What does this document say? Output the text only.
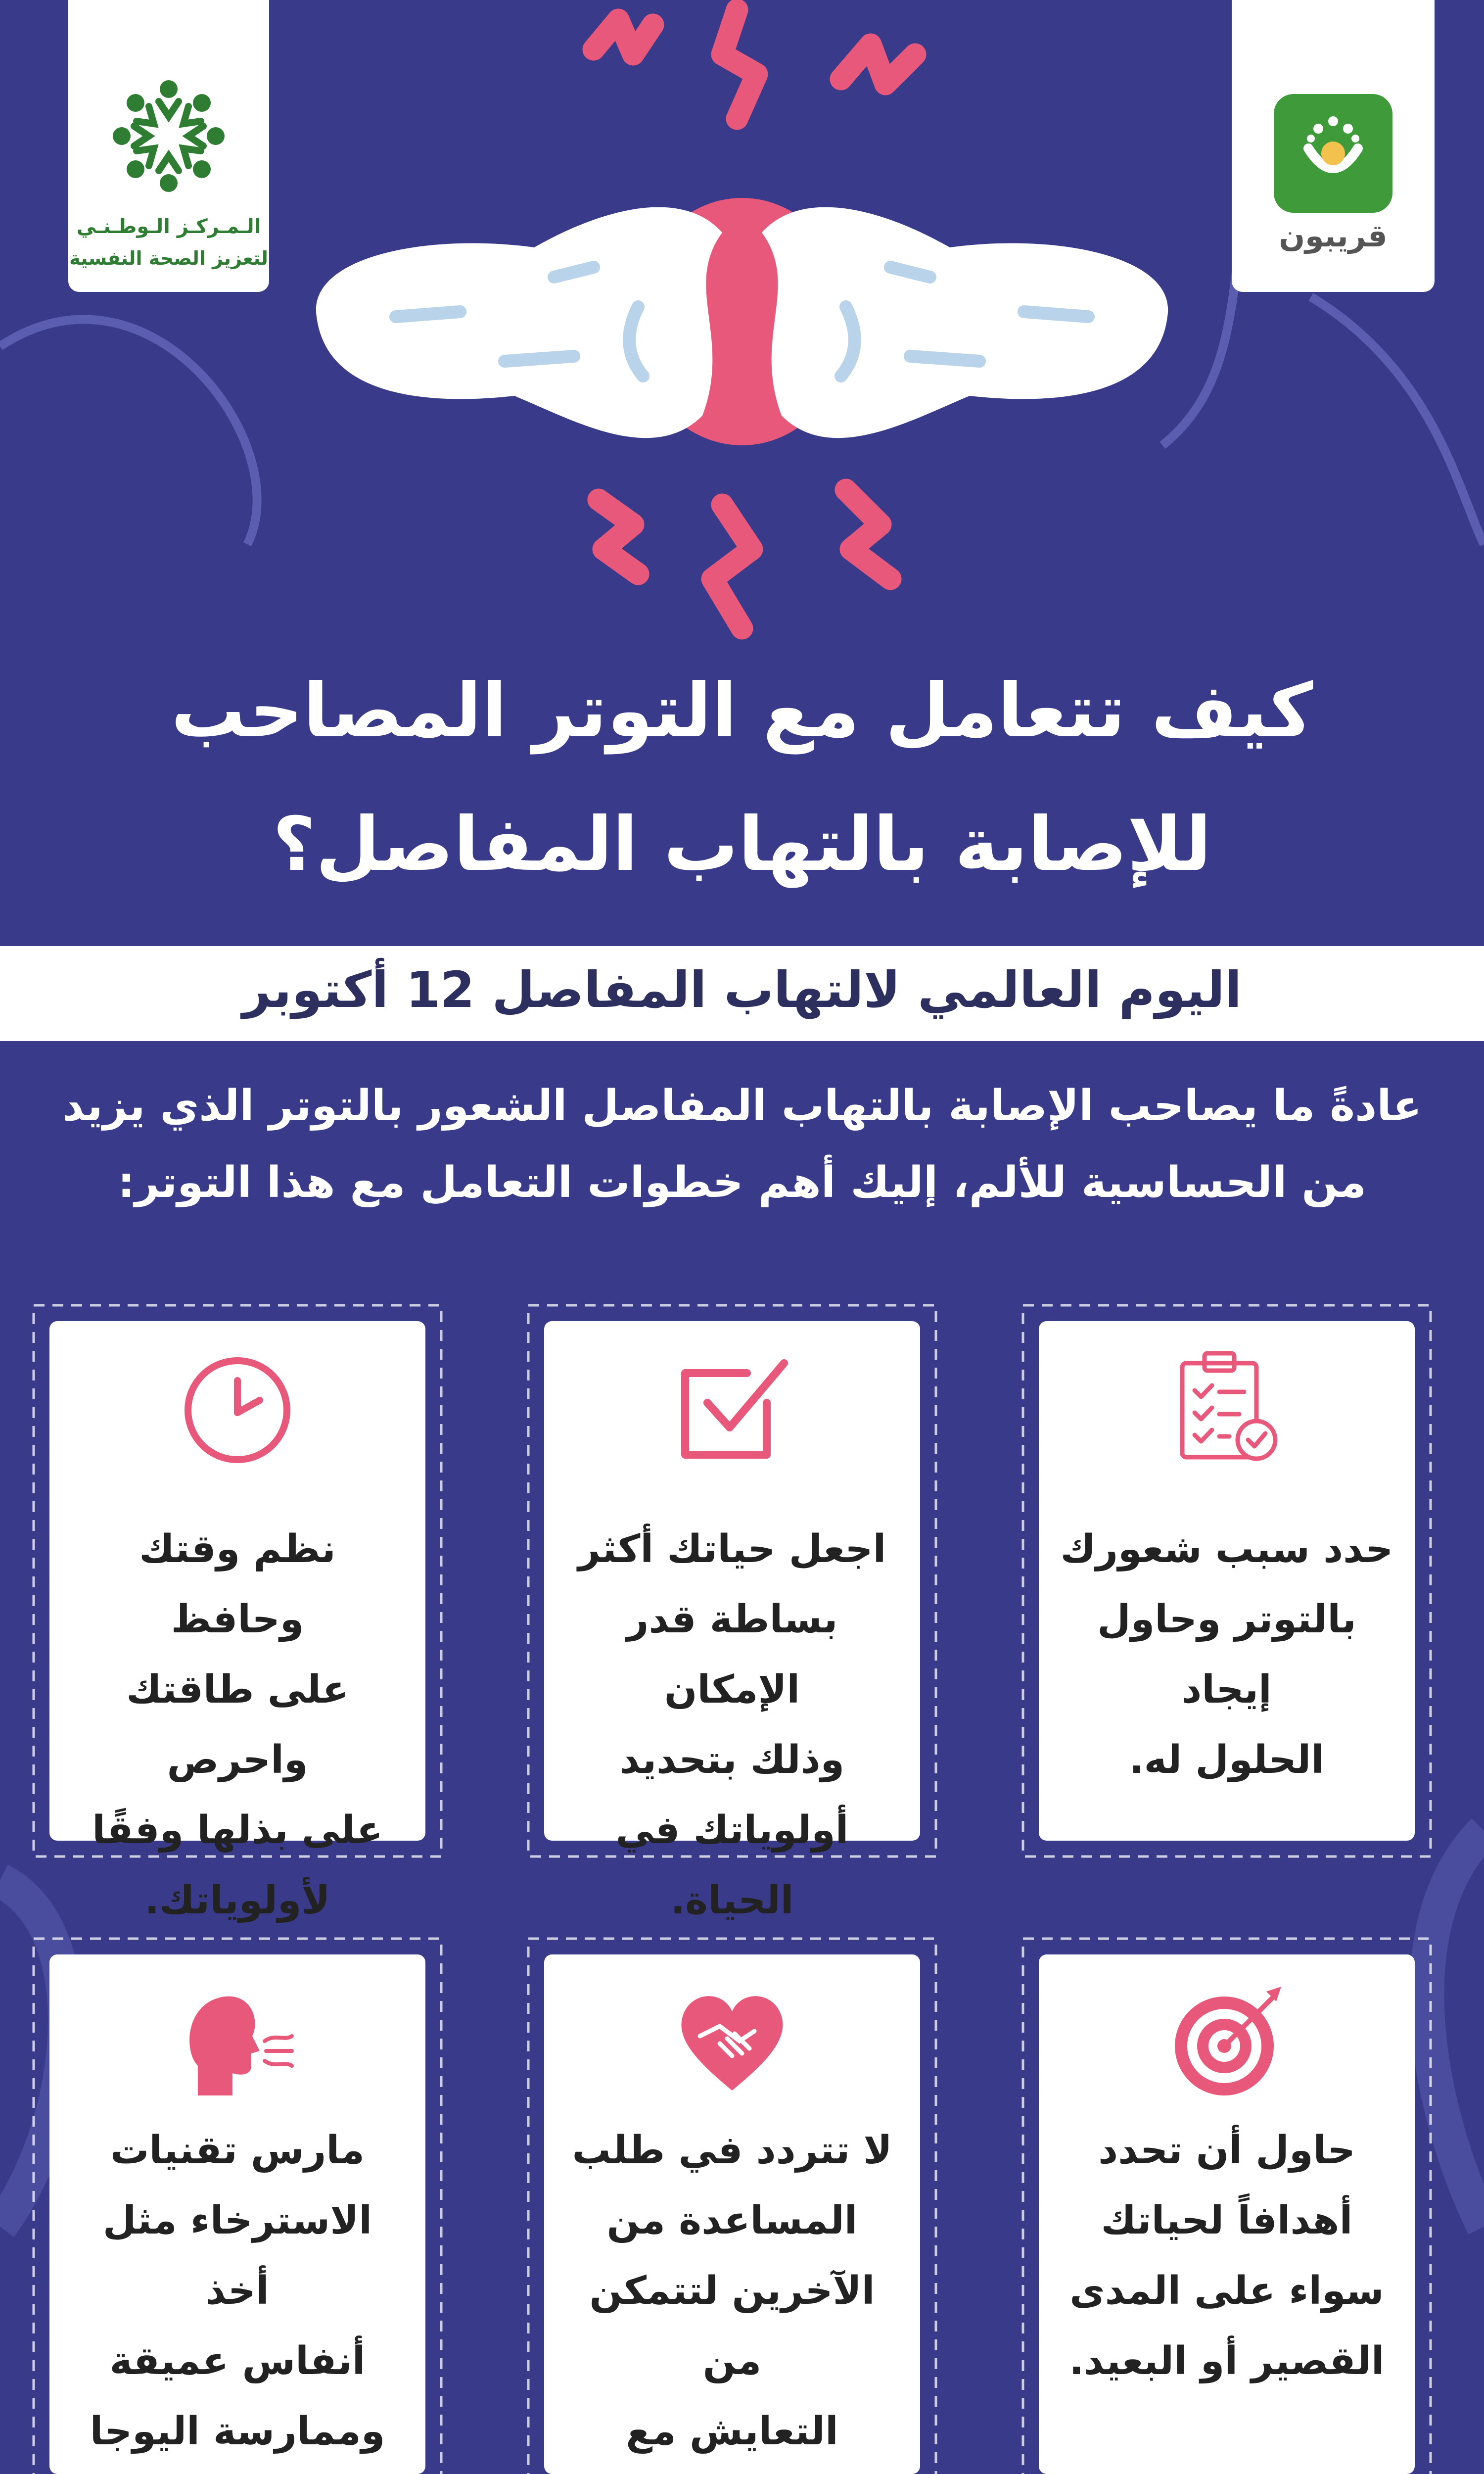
الـمـركـز الـوطـنـي
لتعزيز الصحة النفسية
قريبون
كيف تتعامل مع التوتر المصاحب
للإصابة بالتهاب المفاصل؟
اليوم العالمي لالتهاب المفاصل 12 أكتوبر
عادةً ما يصاحب الإصابة بالتهاب المفاصل الشعور بالتوتر الذي يزيد
من الحساسية للألم، إليك أهم خطوات التعامل مع هذا التوتر:
حدد سبب شعورك
بالتوتر وحاول إيجاد
الحلول له.
اجعل حياتك أكثر
بساطة قدر الإمكان
وذلك بتحديد
أولوياتك في الحياة.
نظم وقتك وحافظ
على طاقتك واحرص
على بذلها وفقًا
لأولوياتك.
حاول أن تحدد
أهدافاً لحياتك
سواء على المدى
القصير أو البعيد.
لا تتردد في طلب
المساعدة من
الآخرين لتتمكن من
التعايش مع
مارس تقنيات
الاسترخاء مثل أخذ
أنفاس عميقة
وممارسة اليوجا
